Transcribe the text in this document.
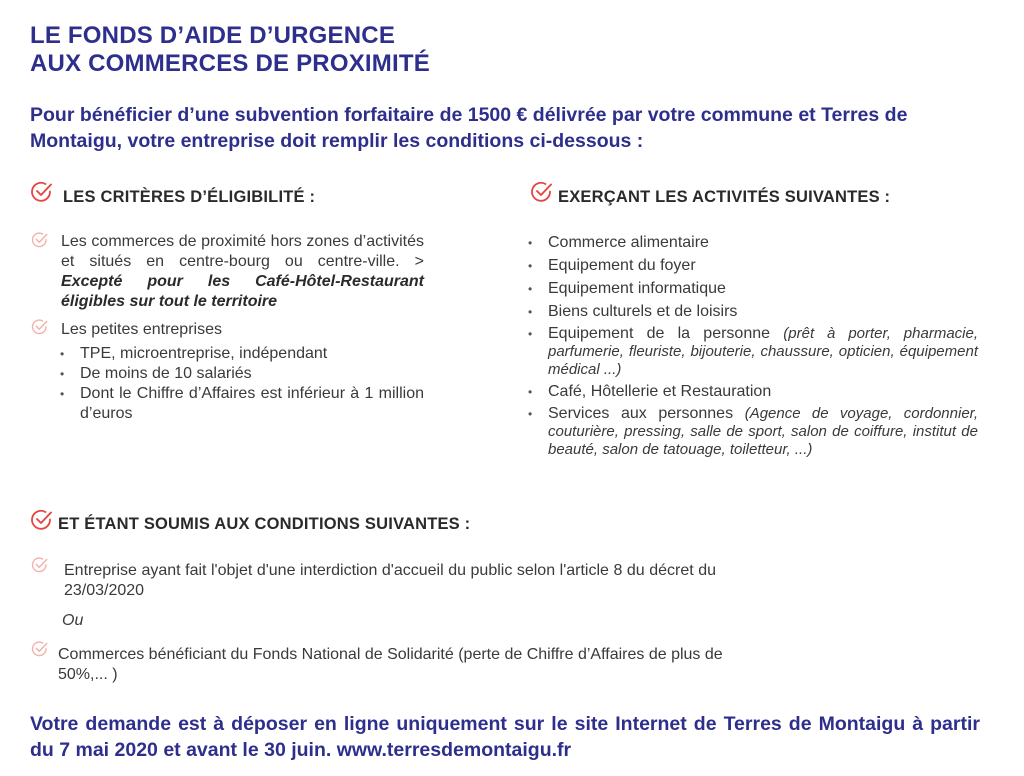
LE FONDS D’AIDE D’URGENCE
AUX COMMERCES DE PROXIMITÉ
Pour bénéficier d’une subvention forfaitaire de 1500 € délivrée par votre commune et Terres de Montaigu, votre entreprise doit remplir les conditions ci-dessous :
LES CRITÈRES D’ÉLIGIBILITÉ :
Les commerces de proximité hors zones d’activités et situés en centre-bourg ou centre-ville. > Excepté pour les Café-Hôtel-Restaurant éligibles sur tout le territoire
Les petites entreprises
• TPE, microentreprise, indépendant
• De moins de 10 salariés
• Dont le Chiffre d’Affaires est inférieur à 1 million d’euros
EXERÇANT LES ACTIVITÉS SUIVANTES :
• Commerce alimentaire
• Equipement du foyer
• Equipement informatique
• Biens culturels et de loisirs
• Equipement de la personne (prêt à porter, pharmacie, parfumerie, fleuriste, bijouterie, chaussure, opticien, équipement médical ...)
• Café, Hôtellerie et Restauration
• Services aux personnes (Agence de voyage, cordonnier, couturière, pressing, salle de sport, salon de coiffure, institut de beauté, salon de tatouage, toiletteur, ...)
ET ÉTANT SOUMIS AUX CONDITIONS SUIVANTES :
Entreprise ayant fait l'objet d'une interdiction d'accueil du public selon l'article 8 du décret du 23/03/2020
Ou
Commerces bénéficiant du Fonds National de Solidarité (perte de Chiffre d’Affaires de plus de 50%,... )
Votre demande est à déposer en ligne uniquement sur le site Internet de Terres de Montaigu à partir du 7 mai 2020 et avant le 30 juin. www.terresdemontaigu.fr
